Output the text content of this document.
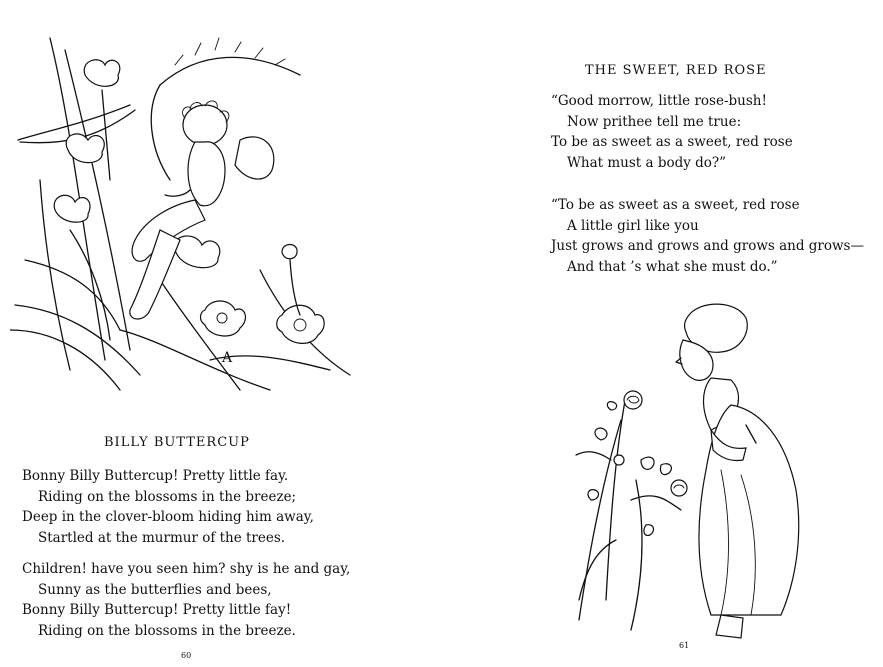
A
BILLY BUTTERCUP
Bonny Billy Buttercup! Pretty little fay.
Riding on the blossoms in the breeze;
Deep in the clover-bloom hiding him away,
Startled at the murmur of the trees.
Children! have you seen him? shy is he and gay,
Sunny as the butterflies and bees,
Bonny Billy Buttercup! Pretty little fay!
Riding on the blossoms in the breeze.
60
THE SWEET, RED ROSE
“Good morrow, little rose-bush!
Now prithee tell me true:
To be as sweet as a sweet, red rose
What must a body do?”
“To be as sweet as a sweet, red rose
A little girl like you
Just grows and grows and grows and grows—
And that ’s what she must do.”
61
